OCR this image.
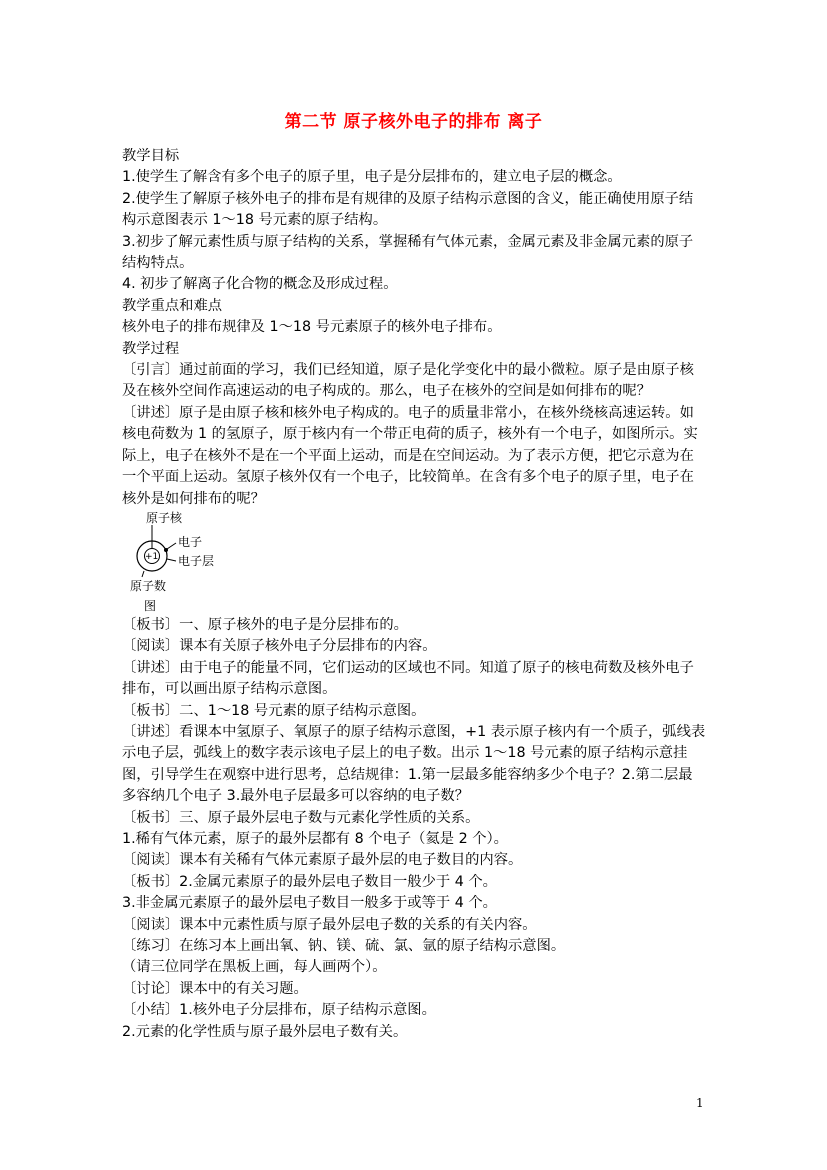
第二节 原子核外电子的排布 离子

教学目标

1.使学生了解含有多个电子的原子里，电子是分层排布的，建立电子层的概念。

2.使学生了解原子核外电子的排布是有规律的及原子结构示意图的含义，能正确使用原子结构示意图表示 1～18 号元素的原子结构。

3.初步了解元素性质与原子结构的关系，掌握稀有气体元素，金属元素及非金属元素的原子结构特点。

4. 初步了解离子化合物的概念及形成过程。

教学重点和难点

核外电子的排布规律及 1～18 号元素原子的核外电子排布。

教学过程

〔引言〕通过前面的学习，我们已经知道，原子是化学变化中的最小微粒。原子是由原子核及在核外空间作高速运动的电子构成的。那么，电子在核外的空间是如何排布的呢？

〔讲述〕原子是由原子核和核外电子构成的。电子的质量非常小，在核外绕核高速运转。如核电荷数为 1 的氢原子，原于核内有一个带正电荷的质子，核外有一个电子，如图所示。实际上，电子在核外不是在一个平面上运动，而是在空间运动。为了表示方便，把它示意为在一个平面上运动。氢原子核外仅有一个电子，比较简单。在含有多个电子的原子里，电子在核外是如何排布的呢？

原子核
+1
电子
电子层
原子数
图

〔板书〕一、原子核外的电子是分层排布的。

〔阅读〕课本有关原子核外电子分层排布的内容。

〔讲述〕由于电子的能量不同，它们运动的区域也不同。知道了原子的核电荷数及核外电子排布，可以画出原子结构示意图。

〔板书〕二、1～18 号元素的原子结构示意图。

〔讲述〕看课本中氢原子、氧原子的原子结构示意图，+1 表示原子核内有一个质子，弧线表示电子层，弧线上的数字表示该电子层上的电子数。出示 1～18 号元素的原子结构示意挂图，引导学生在观察中进行思考，总结规律：1.第一层最多能容纳多少个电子？2.第二层最多容纳几个电子 3.最外电子层最多可以容纳的电子数？

〔板书〕三、原子最外层电子数与元素化学性质的关系。

1.稀有气体元素，原子的最外层都有 8 个电子（氦是 2 个）。

〔阅读〕课本有关稀有气体元素原子最外层的电子数目的内容。

〔板书〕2.金属元素原子的最外层电子数目一般少于 4 个。

3.非金属元素原子的最外层电子数目一般多于或等于 4 个。

〔阅读〕课本中元素性质与原子最外层电子数的关系的有关内容。

〔练习〕在练习本上画出氧、钠、镁、硫、氯、氩的原子结构示意图。

（请三位同学在黑板上画，每人画两个）。

〔讨论〕课本中的有关习题。

〔小结〕1.核外电子分层排布，原子结构示意图。

2.元素的化学性质与原子最外层电子数有关。

1
